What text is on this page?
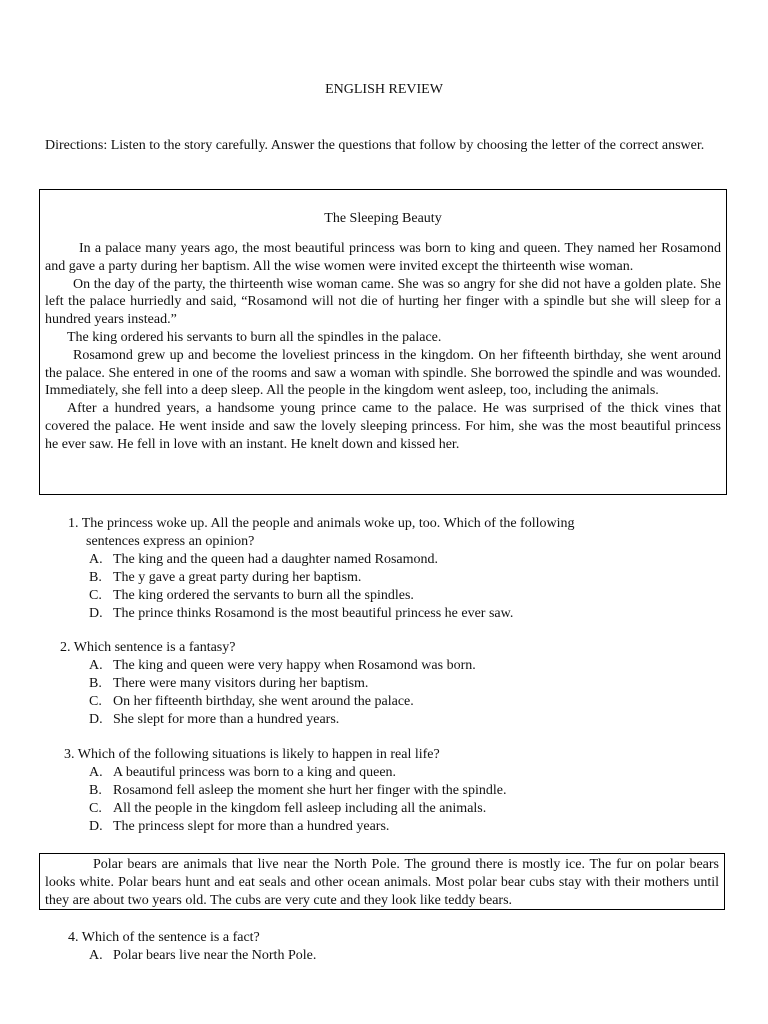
ENGLISH REVIEW
Directions: Listen to the story carefully. Answer the questions that follow by choosing the letter of the correct answer.
The Sleeping Beauty

In a palace many years ago, the most beautiful princess was born to king and queen. They named her Rosamond and gave a party during her baptism. All the wise women were invited except the thirteenth wise woman.

On the day of the party, the thirteenth wise woman came. She was so angry for she did not have a golden plate. She left the palace hurriedly and said, “Rosamond will not die of hurting her finger with a spindle but she will sleep for a hundred years instead.”

The king ordered his servants to burn all the spindles in the palace.

Rosamond grew up and become the loveliest princess in the kingdom. On her fifteenth birthday, she went around the palace. She entered in one of the rooms and saw a woman with spindle. She borrowed the spindle and was wounded. Immediately, she fell into a deep sleep. All the people in the kingdom went asleep, too, including the animals.

After a hundred years, a handsome young prince came to the palace. He was surprised of the thick vines that covered the palace. He went inside and saw the lovely sleeping princess. For him, she was the most beautiful princess he ever saw. He fell in love with an instant. He knelt down and kissed her.

1. The princess woke up. All the people and animals woke up, too. Which of the following
sentences express an opinion?
A. The king and the queen had a daughter named Rosamond.
B. The y gave a great party during her baptism.
C. The king ordered the servants to burn all the spindles.
D. The prince thinks Rosamond is the most beautiful princess he ever saw.
2. Which sentence is a fantasy?
A. The king and queen were very happy when Rosamond was born.
B. There were many visitors during her baptism.
C. On her fifteenth birthday, she went around the palace.
D. She slept for more than a hundred years.
3. Which of the following situations is likely to happen in real life?
A. A beautiful princess was born to a king and queen.
B. Rosamond fell asleep the moment she hurt her finger with the spindle.
C. All the people in the kingdom fell asleep including all the animals.
D. The princess slept for more than a hundred years.

Polar bears are animals that live near the North Pole. The ground there is mostly ice. The fur on polar bears looks white. Polar bears hunt and eat seals and other ocean animals. Most polar bear cubs stay with their mothers until they are about two years old. The cubs are very cute and they look like teddy bears.

4. Which of the sentence is a fact?
A. Polar bears live near the North Pole.
